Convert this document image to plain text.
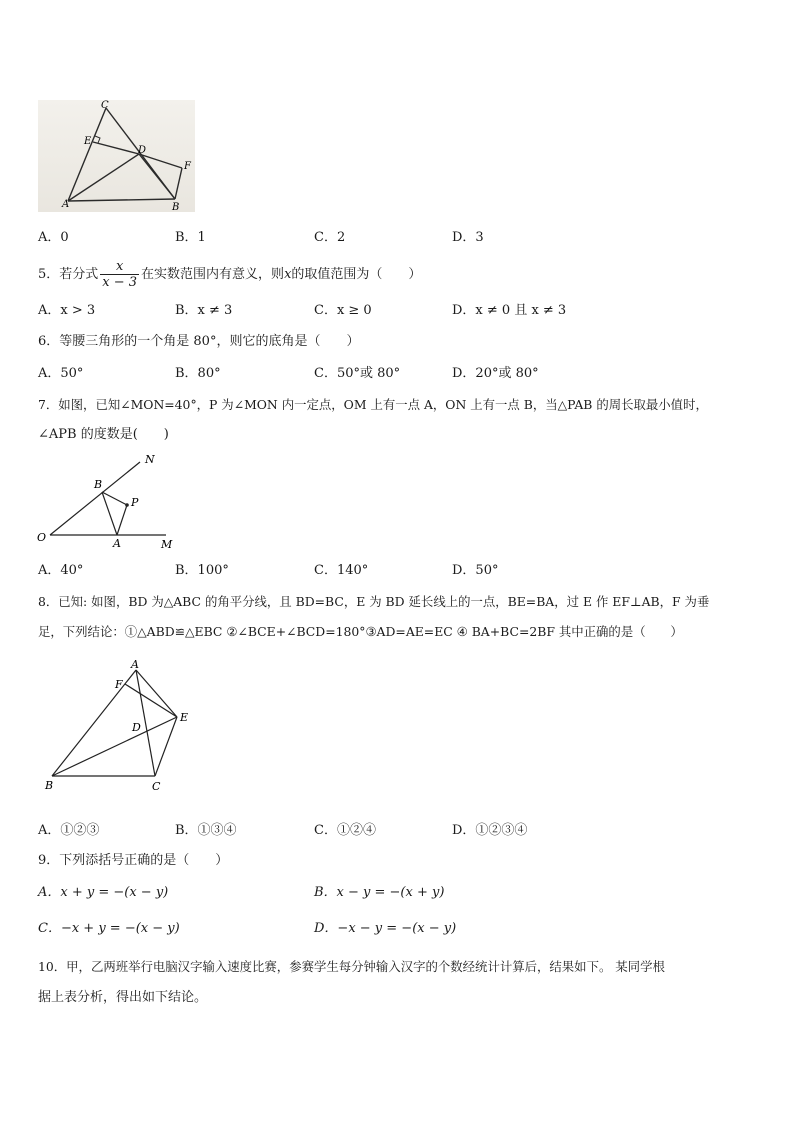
C
E
D
F
A	B
A．0	B．1	C．2	D．3
5．若分式 $\frac{x}{x - 3}$ 在实数范围内有意义，则x的取值范围为（　　）
A．x > 3	B．x ≠ 3	C．x ≥ 0	D．x ≠ 0 且 x ≠ 3
6．等腰三角形的一个角是 80°，则它的底角是（　　）
A．50°	B．80°	C．50°或 80°	D．20°或 80°
7．如图，已知∠MON=40°，P 为∠MON 内一定点，OM 上有一点 A，ON 上有一点 B，当△PAB 的周长取最小值时，
∠APB 的度数是(　　)
N
B
P
O	A	M
A．40°	B．100°	C．140°	D．50°
8．已知: 如图，BD 为△ABC 的角平分线，且 BD=BC，E 为 BD 延长线上的一点，BE=BA，过 E 作 EF⊥AB，F 为垂
足，下列结论：①△ABD≌△EBC ②∠BCE+∠BCD=180°③AD=AE=EC ④ BA+BC=2BF 其中正确的是（　　）
A
F
D
E
B	C
A．①②③	B．①③④	C．①②④	D．①②③④
9．下列添括号正确的是（　　）
A．x + y = −(x − y)	B．x − y = −(x + y)
C．−x + y = −(x − y)	D．−x − y = −(x − y)
10．甲，乙两班举行电脑汉字输入速度比赛，参赛学生每分钟输入汉字的个数经统计计算后，结果如下。 某同学根
据上表分析，得出如下结论。
